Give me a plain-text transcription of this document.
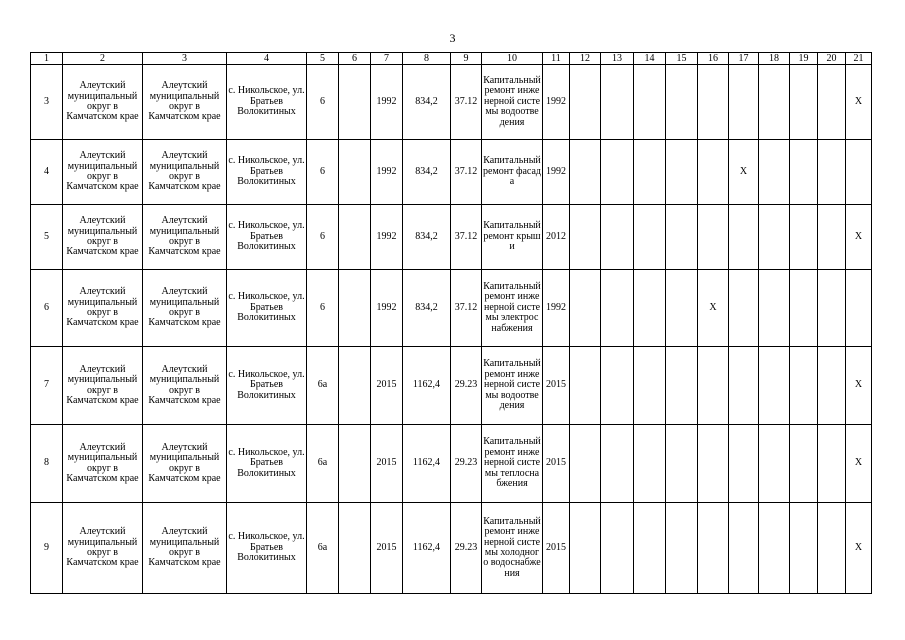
3
1	2	3	4	5	6	7	8	9	10	11	12	13	14	15	16	17	18	19	20	21
3	Алеутский муниципальный округ в Камчатском крае	Алеутский муниципальный округ в Камчатском крае	с. Никольское, ул. Братьев Волокитиных	6		1992	834,2	37.12	Капитальный ремонт инженерной системы водоотведения	1992										X
4	Алеутский муниципальный округ в Камчатском крае	Алеутский муниципальный округ в Камчатском крае	с. Никольское, ул. Братьев Волокитиных	6		1992	834,2	37.12	Капитальный ремонт фасада	1992						X				
5	Алеутский муниципальный округ в Камчатском крае	Алеутский муниципальный округ в Камчатском крае	с. Никольское, ул. Братьев Волокитиных	6		1992	834,2	37.12	Капитальный ремонт крыши	2012										X
6	Алеутский муниципальный округ в Камчатском крае	Алеутский муниципальный округ в Камчатском крае	с. Никольское, ул. Братьев Волокитиных	6		1992	834,2	37.12	Капитальный ремонт инженерной системы электроснабжения	1992					X					
7	Алеутский муниципальный округ в Камчатском крае	Алеутский муниципальный округ в Камчатском крае	с. Никольское, ул. Братьев Волокитиных	6а		2015	1162,4	29.23	Капитальный ремонт инженерной системы водоотведения	2015										X
8	Алеутский муниципальный округ в Камчатском крае	Алеутский муниципальный округ в Камчатском крае	с. Никольское, ул. Братьев Волокитиных	6а		2015	1162,4	29.23	Капитальный ремонт инженерной системы теплоснабжения	2015										X
9	Алеутский муниципальный округ в Камчатском крае	Алеутский муниципальный округ в Камчатском крае	с. Никольское, ул. Братьев Волокитиных	6а		2015	1162,4	29.23	Капитальный ремонт инженерной системы холодного водоснабжения	2015										X
